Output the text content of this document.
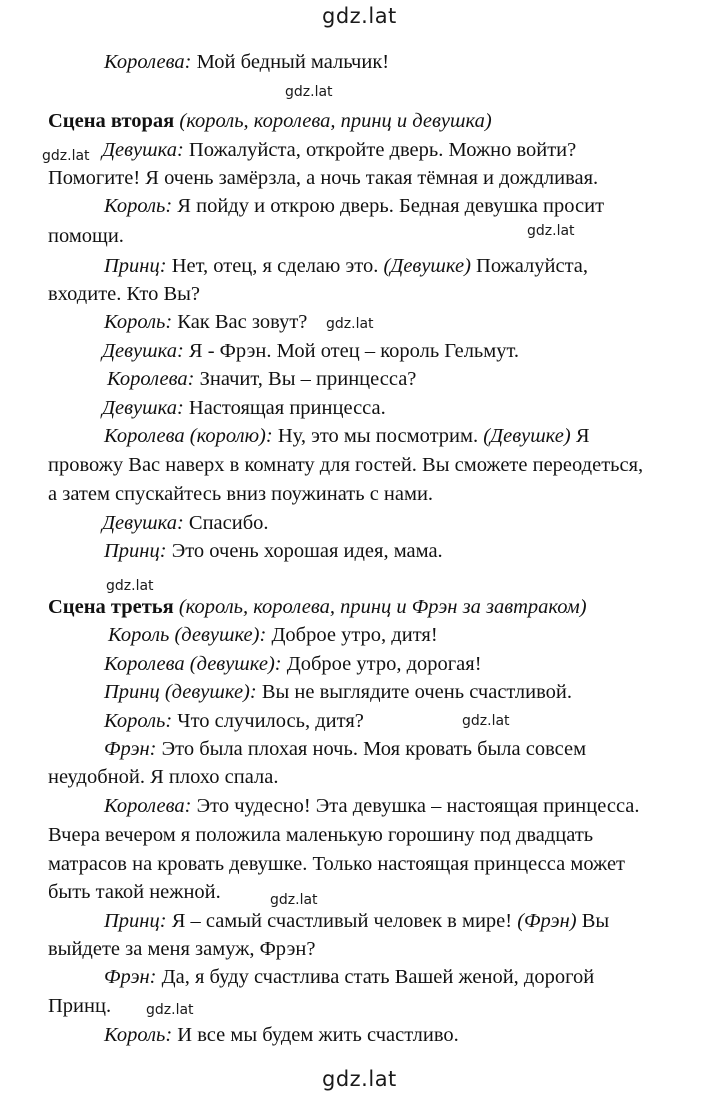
gdz.lat
gdz.lat
gdz.lat
gdz.lat
gdz.lat
gdz.lat
gdz.lat
gdz.lat
gdz.lat
gdz.lat
Королева: Мой бедный мальчик!
Сцена вторая (король, королева, принц и девушка)
Девушка: Пожалуйста, откройте дверь. Можно войти?
Помогите! Я очень замёрзла, а ночь такая тёмная и дождливая.
Король: Я пойду и открою дверь. Бедная девушка просит
помощи.
Принц: Нет, отец, я сделаю это. (Девушке) Пожалуйста,
входите. Кто Вы?
Король: Как Вас зовут?
Девушка: Я - Фрэн. Мой отец – король Гельмут.
Королева: Значит, Вы – принцесса?
Девушка: Настоящая принцесса.
Королева (королю): Ну, это мы посмотрим. (Девушке) Я
провожу Вас наверх в комнату для гостей. Вы сможете переодеться,
а затем спускайтесь вниз поужинать с нами.
Девушка: Спасибо.
Принц: Это очень хорошая идея, мама.
Сцена третья (король, королева, принц и Фрэн за завтраком)
Король (девушке): Доброе утро, дитя!
Королева (девушке): Доброе утро, дорогая!
Принц (девушке): Вы не выглядите очень счастливой.
Король: Что случилось, дитя?
Фрэн: Это была плохая ночь. Моя кровать была совсем
неудобной. Я плохо спала.
Королева: Это чудесно! Эта девушка – настоящая принцесса.
Вчера вечером я положила маленькую горошину под двадцать
матрасов на кровать девушке. Только настоящая принцесса может
быть такой нежной.
Принц: Я – самый счастливый человек в мире! (Фрэн) Вы
выйдете за меня замуж, Фрэн?
Фрэн: Да, я буду счастлива стать Вашей женой, дорогой
Принц.
Король: И все мы будем жить счастливо.
